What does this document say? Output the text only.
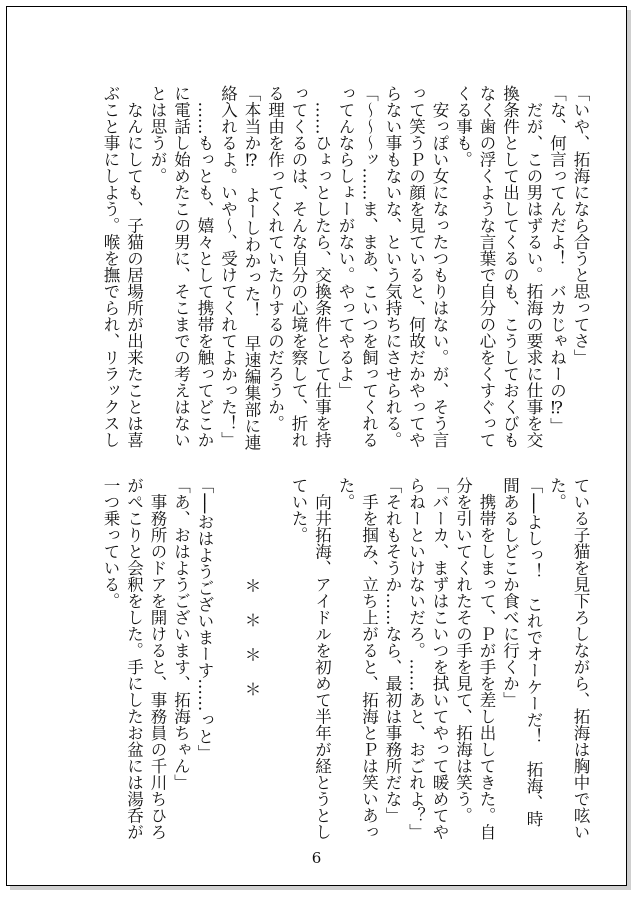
「いや、拓海になら合うと思ってさ」
「な、何言ってんだよ！　バカじゃねーの⁉」
　だが、この男はずるい。拓海の要求に仕事を交
換条件として出してくるのも、こうしておくびも
なく歯の浮くような言葉で自分の心をくすぐって
くる事も。
　安っぽい女になったつもりはない。が、そう言
って笑うＰの顔を見ていると、何故だかやってや
らない事もないな、という気持ちにさせられる。
「～～～ッ……ま、まあ、こいつを飼ってくれる
ってんならしょーがない。やってやるよ」
　……ひょっとしたら、交換条件として仕事を持
ってくるのは、そんな自分の心境を察して、折れ
る理由を作ってくれていたりするのだろうか。
「本当か⁉　よーしわかった！　早速編集部に連
絡入れるよ。いや～、受けてくれてよかった！」
　……もっとも、嬉々として携帯を触ってどこか
に電話し始めたこの男に、そこまでの考えはない
とは思うが。
　なんにしても、子猫の居場所が出来たことは喜
ぶこと事にしよう。喉を撫でられ、リラックスし
ている子猫を見下ろしながら、拓海は胸中で呟い
た。
「──よしっ！　これでオーケーだ！　拓海、時
間あるしどこか食べに行くか」
　携帯をしまって、Ｐが手を差し出してきた。自
分を引いてくれたその手を見て、拓海は笑う。
「バーカ、まずはこいつを拭いてやって暖めてや
らねーといけないだろ。……あと、おごれよ？」
「それもそうか……なら、最初は事務所だな」
　手を掴み、立ち上がると、拓海とＰは笑いあっ
た。
　向井拓海、アイドルを初めて半年が経とうとし
ていた。
＊＊＊＊
「──おはようございまーす……っと」
「あ、おはようございます、拓海ちゃん」
　事務所のドアを開けると、事務員の千川ちひろ
がぺこりと会釈をした。手にしたお盆には湯呑が
一つ乗っている。
6
